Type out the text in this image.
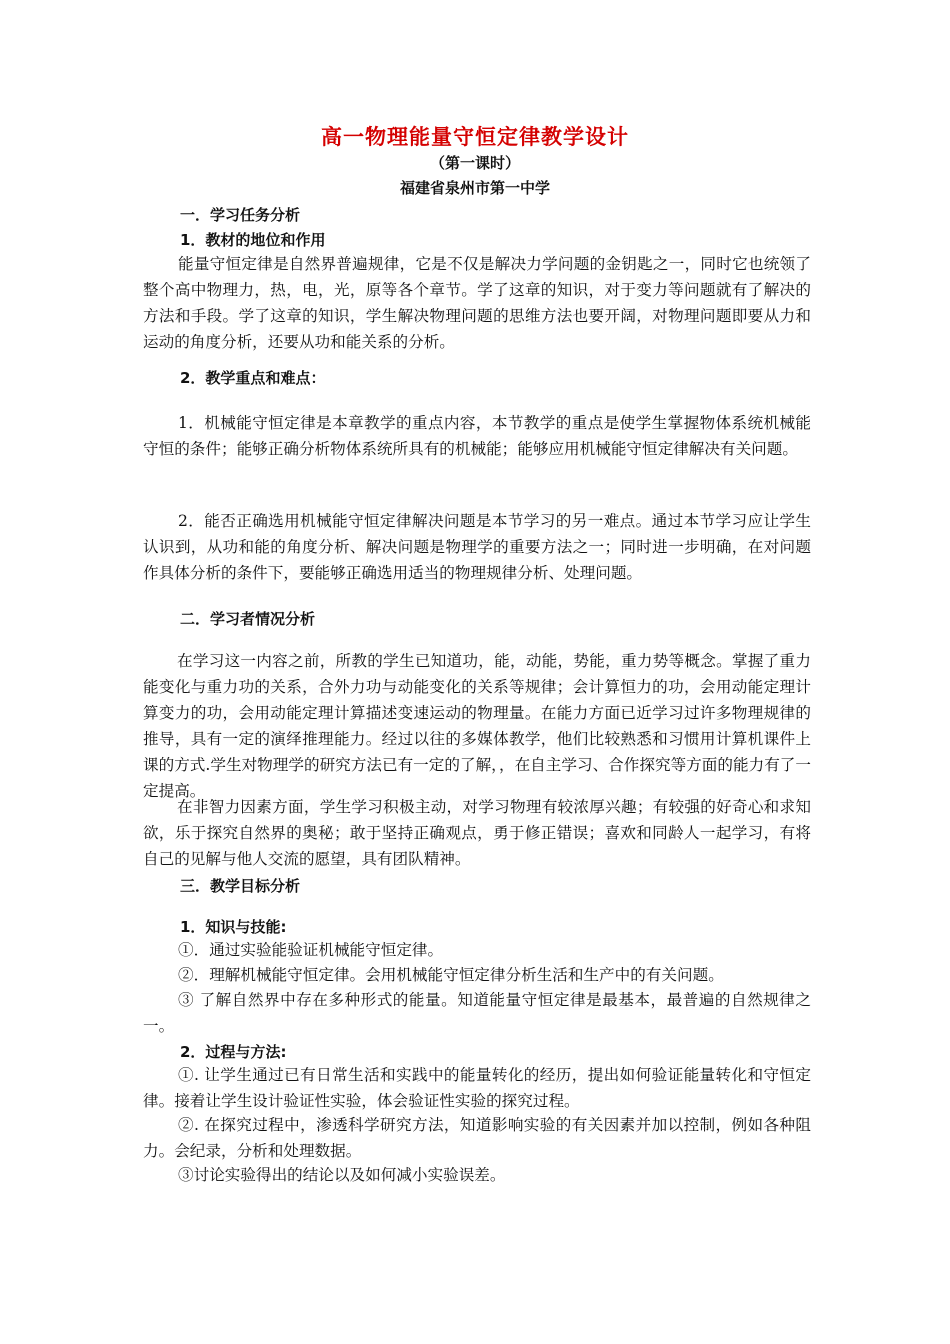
高一物理能量守恒定律教学设计
（第一课时）
福建省泉州市第一中学
一．学习任务分析
1．教材的地位和作用
能量守恒定律是自然界普遍规律，它是不仅是解决力学问题的金钥匙之一，同时它也统领了整个高中物理力，热，电，光，原等各个章节。学了这章的知识，对于变力等问题就有了解决的方法和手段。学了这章的知识，学生解决物理问题的思维方法也要开阔，对物理问题即要从力和运动的角度分析，还要从功和能关系的分析。
2．教学重点和难点：
1．机械能守恒定律是本章教学的重点内容，本节教学的重点是使学生掌握物体系统机械能守恒的条件；能够正确分析物体系统所具有的机械能；能够应用机械能守恒定律解决有关问题。
2．能否正确选用机械能守恒定律解决问题是本节学习的另一难点。通过本节学习应让学生认识到，从功和能的角度分析、解决问题是物理学的重要方法之一；同时进一步明确，在对问题作具体分析的条件下，要能够正确选用适当的物理规律分析、处理问题。
二．学习者情况分析
在学习这一内容之前，所教的学生已知道功，能，动能，势能，重力势等概念。掌握了重力能变化与重力功的关系，合外力功与动能变化的关系等规律；会计算恒力的功，会用动能定理计算变力的功，会用动能定理计算描述变速运动的物理量。在能力方面已近学习过许多物理规律的推导，具有一定的演绎推理能力。经过以往的多媒体教学，他们比较熟悉和习惯用计算机课件上课的方式.学生对物理学的研究方法已有一定的了解，，在自主学习、合作探究等方面的能力有了一定提高。
在非智力因素方面，学生学习积极主动，对学习物理有较浓厚兴趣；有较强的好奇心和求知欲，乐于探究自然界的奥秘；敢于坚持正确观点，勇于修正错误；喜欢和同龄人一起学习，有将自己的见解与他人交流的愿望，具有团队精神。
三．教学目标分析
1．知识与技能:
①．通过实验能验证机械能守恒定律。
②．理解机械能守恒定律。会用机械能守恒定律分析生活和生产中的有关问题。
③ 了解自然界中存在多种形式的能量。知道能量守恒定律是最基本，最普遍的自然规律之一。
2．过程与方法:
①. 让学生通过已有日常生活和实践中的能量转化的经历，提出如何验证能量转化和守恒定律。接着让学生设计验证性实验，体会验证性实验的探究过程。
②. 在探究过程中，渗透科学研究方法，知道影响实验的有关因素并加以控制，例如各种阻力。会纪录，分析和处理数据。
③讨论实验得出的结论以及如何减小实验误差。
